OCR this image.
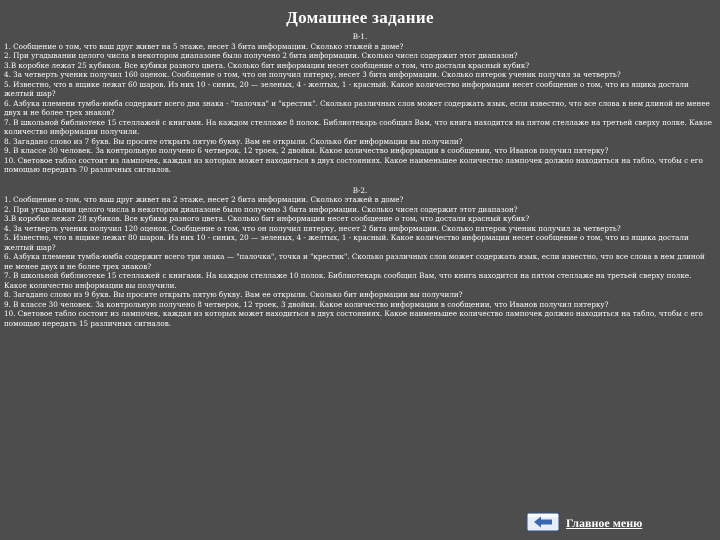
Домашнее задание
В-1.
1. Сообщение о том, что ваш друг живет на 5 этаже, несет 3 бита информации. Сколько этажей в доме?
2. При угадывании целого числа в некотором диапазоне было получено 2 бита информации. Сколько чисел содержит этот диапазон?
3.В коробке лежат 25 кубиков. Все кубики разного цвета. Сколько бит информации несет сообщение о том, что достали красный кубик?
4. За четверть ученик получил 160 оценок. Сообщение о том, что он получил пятерку, несет 3 бита информации. Сколько пятерок ученик получил за четверть?
5. Известно, что в ящике лежат 60 шаров. Из них 10 - синих, 20 — зеленых, 4 - желтых, 1 - красный. Какое количество информации несет сообщение о том, что из ящика достали желтый шар?
6. Азбука племени тумба-юмба содержит всего два знака - "палочка" и "крестик". Сколько различных слов может содержать язык, если известно, что все слова в нем длиной не менее двух и не более трех знаков?
7. В школьной библиотеке 15 стеллажей с книгами. На каждом стеллаже 8 полок. Библиотекарь сообщил Вам, что книга находится на пятом стеллаже на третьей сверху полке. Какое количество информации получили.
8. Загадано слово из 7 букв. Вы просите открыть пятую букву. Вам ее открыли. Сколько бит информации вы получили?
9. В классе 30 человек. За контрольную получено 6 четверок, 12 троек, 2 двойки. Какое количество информации в сообщении, что Иванов получил пятерку?
10. Световое табло состоит из лампочек, каждая из которых может находиться в двух состояниях. Какое наименьшее количество лампочек должно находиться на табло, чтобы с его помощью передать 70 различных сигналов.
В-2.
1. Сообщение о том, что ваш друг живет на 2 этаже, несет 2 бита информации. Сколько этажей в доме?
2. При угадывании целого числа в некотором диапазоне было получено 3 бита информации. Сколько чисел содержит этот диапазон?
3.В коробке лежат 28 кубиков. Все кубики разного цвета. Сколько бит информации несет сообщение о том, что достали красный кубик?
4. За четверть ученик получил 120 оценок. Сообщение о том, что он получил пятерку, несет 2 бита информации. Сколько пятерок ученик получил за четверть?
5. Известно, что в ящике лежат 80 шаров. Из них 10 - синих, 20 — зеленых, 4 - желтых, 1 - красный. Какое количество информации несет сообщение о том, что из ящика достали желтый шар?
6. Азбука племени тумба-юмба содержит всего три знака — "палочка", точка и "крестик". Сколько различных слов может содержать язык, если известно, что все слова в нем длиной не менее двух и не более трех знаков?
7. В школьной библиотеке 15 стеллажей с книгами. На каждом стеллаже 10 полок. Библиотекарь сообщил Вам, что книга находится на пятом стеллаже на третьей сверху полке. Какое количество информации вы получили.
8. Загадано слово из 9 букв. Вы просите открыть пятую букву. Вам ее открыли. Сколько бит информации вы получили?
9. В классе 30 человек. За контрольную получено 8 четверок, 12 троек, 3 двойки. Какое количество информации в сообщении, что Иванов получил пятерку?
10. Световое табло состоит из лампочек, каждая из которых может находиться в двух состояниях. Какое наименьшее количество лампочек должно находиться на табло, чтобы с его помощью передать 15 различных сигналов.
Главное меню
